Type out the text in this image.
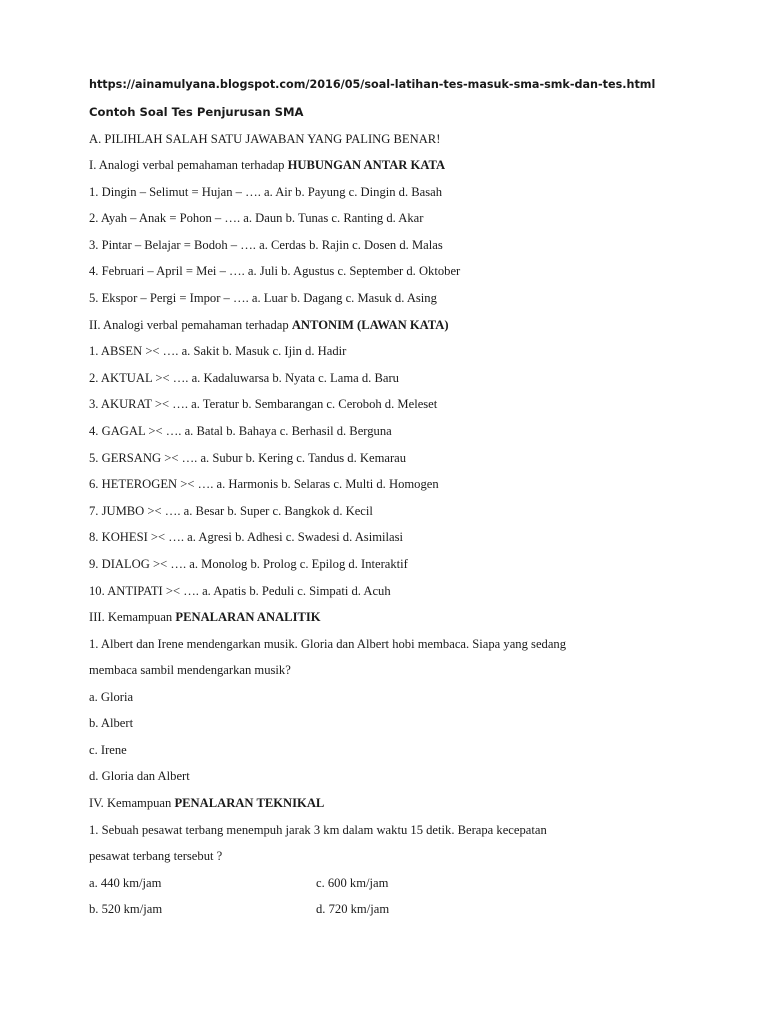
https://ainamulyana.blogspot.com/2016/05/soal-latihan-tes-masuk-sma-smk-dan-tes.html
Contoh Soal Tes Penjurusan SMA
A. PILIHLAH SALAH SATU JAWABAN YANG PALING BENAR!
I. Analogi verbal pemahaman terhadap HUBUNGAN ANTAR KATA
1. Dingin – Selimut = Hujan – …. a. Air b. Payung c. Dingin d. Basah
2. Ayah – Anak = Pohon – …. a. Daun b. Tunas c. Ranting d. Akar
3. Pintar – Belajar = Bodoh – …. a. Cerdas b. Rajin c. Dosen d. Malas
4. Februari – April = Mei – …. a. Juli b. Agustus c. September d. Oktober
5. Ekspor – Pergi = Impor – …. a. Luar b. Dagang c. Masuk d. Asing
II. Analogi verbal pemahaman terhadap ANTONIM (LAWAN KATA)
1. ABSEN >< …. a. Sakit b. Masuk c. Ijin d. Hadir
2. AKTUAL >< …. a. Kadaluwarsa b. Nyata c. Lama d. Baru
3. AKURAT >< …. a. Teratur b. Sembarangan c. Ceroboh d. Meleset
4. GAGAL >< …. a. Batal b. Bahaya c. Berhasil d. Berguna
5. GERSANG >< …. a. Subur b. Kering c. Tandus d. Kemarau
6. HETEROGEN >< …. a. Harmonis b. Selaras c. Multi d. Homogen
7. JUMBO >< …. a. Besar b. Super c. Bangkok d. Kecil
8. KOHESI >< …. a. Agresi b. Adhesi c. Swadesi d. Asimilasi
9. DIALOG >< …. a. Monolog b. Prolog c. Epilog d. Interaktif
10. ANTIPATI >< …. a. Apatis b. Peduli c. Simpati d. Acuh
III. Kemampuan PENALARAN ANALITIK
1. Albert dan Irene mendengarkan musik. Gloria dan Albert hobi membaca. Siapa yang sedang
membaca sambil mendengarkan musik?
a. Gloria
b. Albert
c. Irene
d. Gloria dan Albert
IV. Kemampuan PENALARAN TEKNIKAL
1. Sebuah pesawat terbang menempuh jarak 3 km dalam waktu 15 detik. Berapa kecepatan
pesawat terbang tersebut ?
a. 440 km/jam	c. 600 km/jam
b. 520 km/jam	d. 720 km/jam
